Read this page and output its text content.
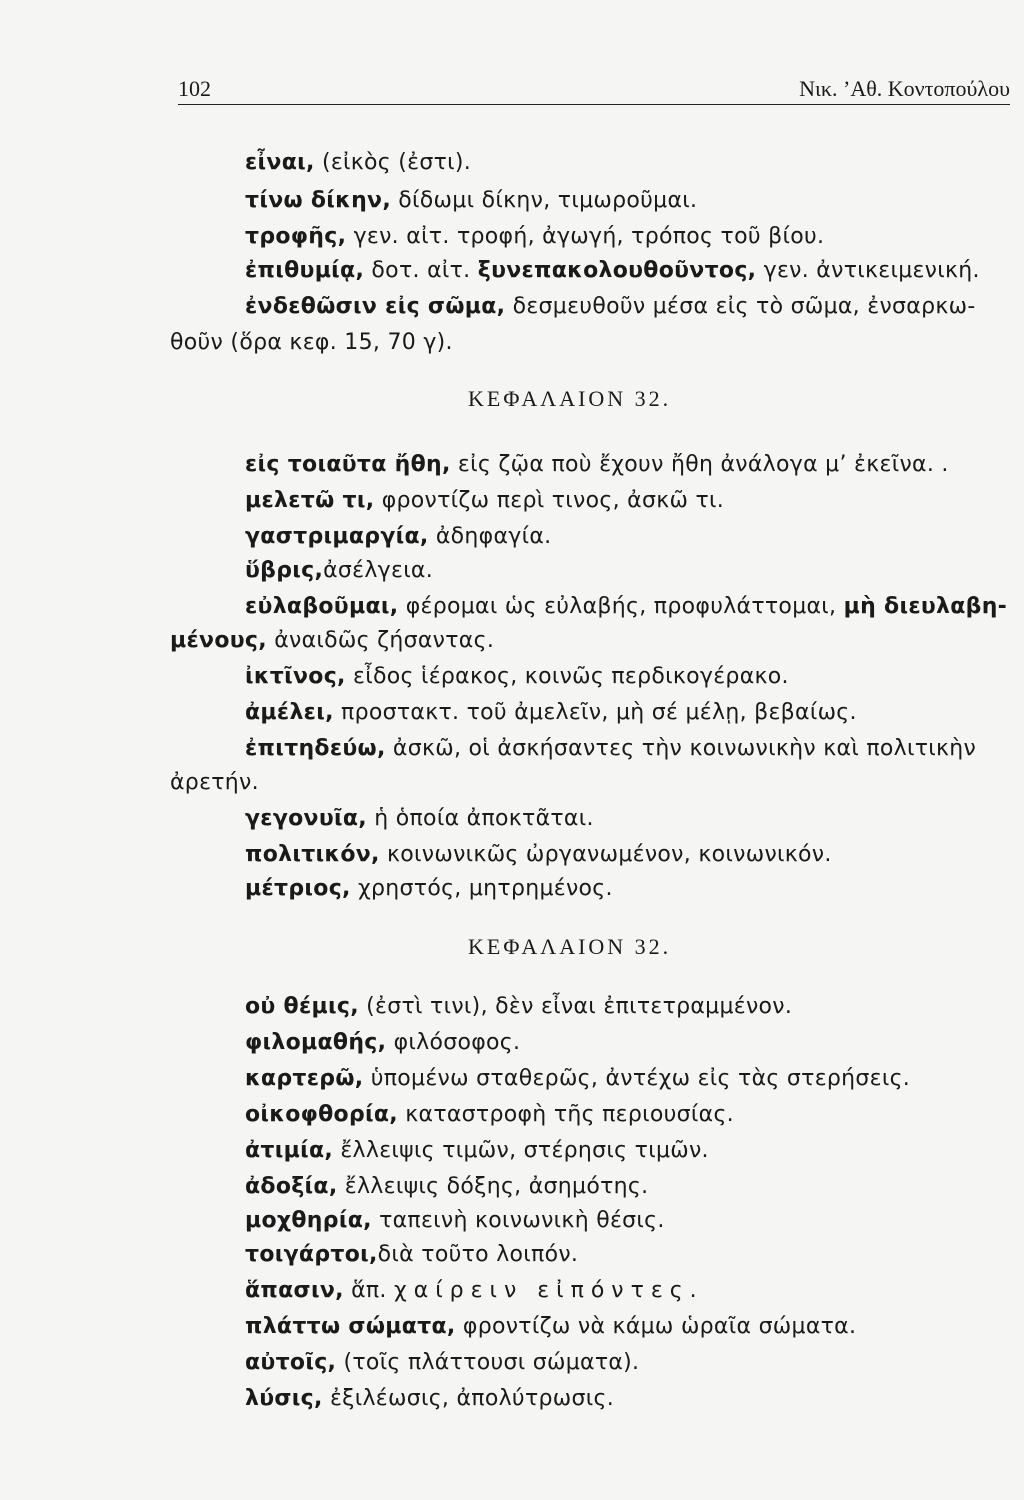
102	Νικ. ’Αθ. Κοντοπούλου
εἶναι, (εἰκὸς (ἐστι).
τίνω δίκην, δίδωμι δίκην, τιμωροῦμαι.
τροφῆς, γεν. αἰτ. τροφή, ἀγωγή, τρόπος τοῦ βίου.
ἐπιθυμίᾳ, δοτ. αἰτ. ξυνεπακολουθοῦντος, γεν. ἀντικειμενική.
ἐνδεθῶσιν εἰς σῶμα, δεσμευθοῦν μέσα εἰς τὸ σῶμα, ἐνσαρκω-
θοῦν (ὅρα κεφ. 15, 70 γ).
ΚΕΦΑΛΑΙΟΝ 32.
εἰς τοιαῦτα ἤθη, εἰς ζῷα ποὺ ἔχουν ἤθη ἀνάλογα μ’ ἐκεῖνα. .
μελετῶ τι, φροντίζω περὶ τινος, ἀσκῶ τι.
γαστριμαργία, ἀδηφαγία.
ὕβρις,ἀσέλγεια.
εὐλαβοῦμαι, φέρομαι ὡς εὐλαβής, προφυλάττομαι, μὴ διευλαβη-
μένους, ἀναιδῶς ζήσαντας.
ἰκτῖνος, εἶδος ἱέρακος, κοινῶς περδικογέρακο.
ἀμέλει, προστακτ. τοῦ ἀμελεῖν, μὴ σέ μέλῃ, βεβαίως.
ἐπιτηδεύω, ἀσκῶ, οἱ ἀσκήσαντες τὴν κοινωνικὴν καὶ πολιτικὴν
ἀρετήν.
γεγονυῖα, ἡ ὁποία ἀποκτᾶται.
πολιτικόν, κοινωνικῶς ὠργανωμένον, κοινωνικόν.
μέτριος, χρηστός, μητρημένος.
ΚΕΦΑΛΑΙΟΝ 32.
οὐ θέμις, (ἐστὶ τινι), δὲν εἶναι ἐπιτετραμμένον.
φιλομαθής, φιλόσοφος.
καρτερῶ, ὑπομένω σταθερῶς, ἀντέχω εἰς τὰς στερήσεις.
οἰκοφθορία, καταστροφὴ τῆς περιουσίας.
ἀτιμία, ἔλλειψις τιμῶν, στέρησις τιμῶν.
ἀδοξία, ἔλλειψις δόξης, ἀσημότης.
μοχθηρία, ταπεινὴ κοινωνικὴ θέσις.
τοιγάρτοι,διὰ τοῦτο λοιπόν.
ἅπασιν, ἅπ. χαίρειν εἰπόντες.
πλάττω σώματα, φροντίζω νὰ κάμω ὡραῖα σώματα.
αὐτοῖς, (τοῖς πλάττουσι σώματα).
λύσις, ἐξιλέωσις, ἀπολύτρωσις.
